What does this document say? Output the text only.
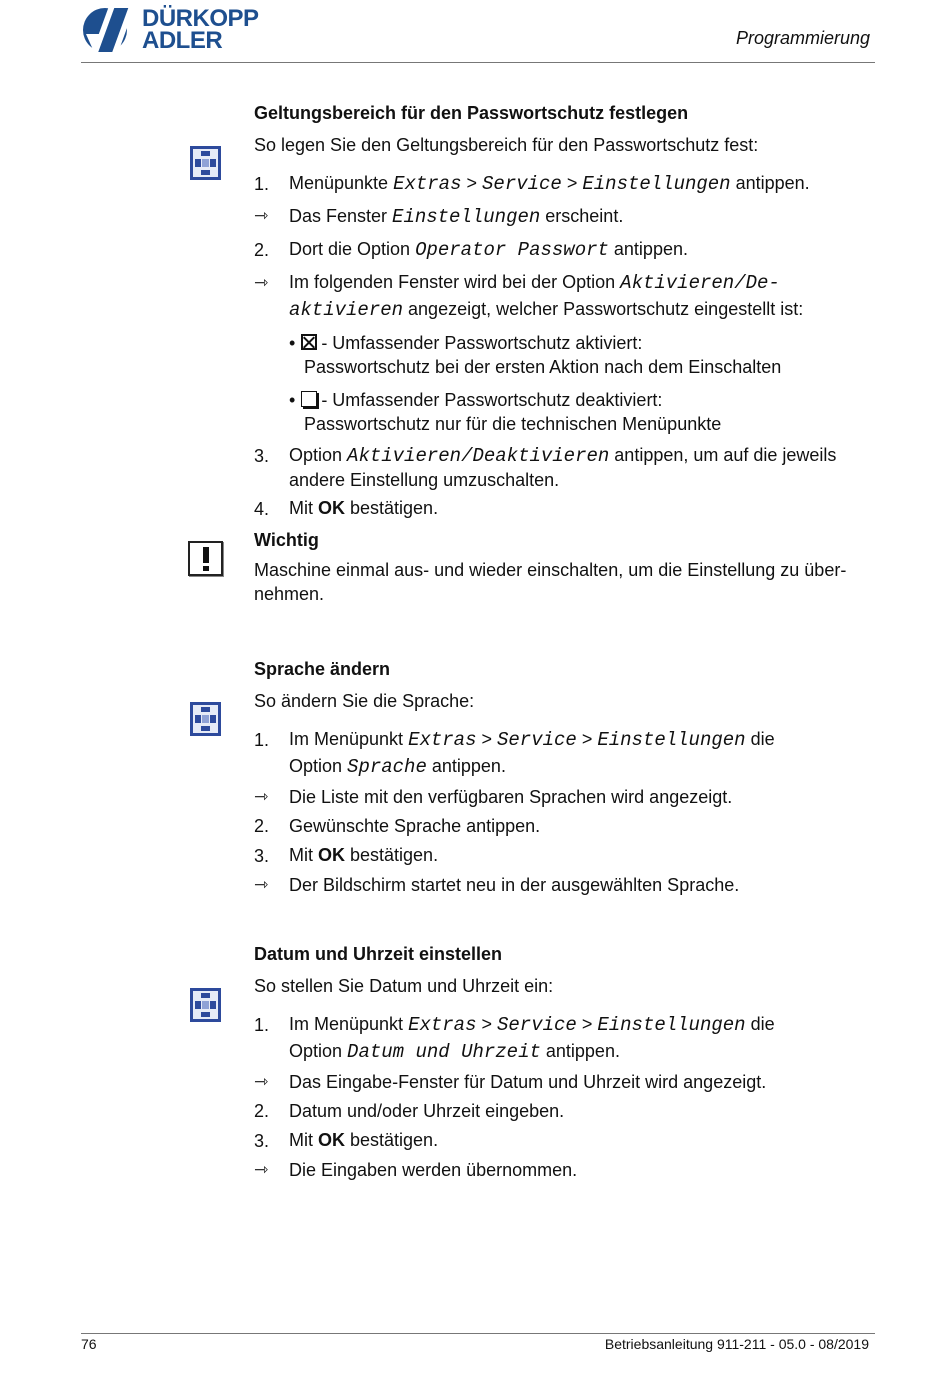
DÜRKOPP
ADLER	Programmierung
Geltungsbereich für den Passwortschutz festlegen
So legen Sie den Geltungsbereich für den Passwortschutz fest:
1. Menüpunkte Extras > Service > Einstellungen antippen.
⇾ Das Fenster Einstellungen erscheint.
2. Dort die Option Operator Passwort antippen.
⇾ Im folgenden Fenster wird bei der Option Aktivieren/De-
aktivieren angezeigt, welcher Passwortschutz eingestellt ist:
• - Umfassender Passwortschutz aktiviert:
Passwortschutz bei der ersten Aktion nach dem Einschalten
• - Umfassender Passwortschutz deaktiviert:
Passwortschutz nur für die technischen Menüpunkte
3. Option Aktivieren/Deaktivieren antippen, um auf die jeweils andere Einstellung umzuschalten.
4. Mit OK bestätigen.
Wichtig
Maschine einmal aus- und wieder einschalten, um die Einstellung zu über-nehmen.
Sprache ändern
So ändern Sie die Sprache:
1. Im Menüpunkt Extras > Service > Einstellungen die
Option Sprache antippen.
⇾ Die Liste mit den verfügbaren Sprachen wird angezeigt.
2. Gewünschte Sprache antippen.
3. Mit OK bestätigen.
⇾ Der Bildschirm startet neu in der ausgewählten Sprache.
Datum und Uhrzeit einstellen
So stellen Sie Datum und Uhrzeit ein:
1. Im Menüpunkt Extras > Service > Einstellungen die
Option Datum und Uhrzeit antippen.
⇾ Das Eingabe-Fenster für Datum und Uhrzeit wird angezeigt.
2. Datum und/oder Uhrzeit eingeben.
3. Mit OK bestätigen.
⇾ Die Eingaben werden übernommen.
76	Betriebsanleitung 911-211 - 05.0 - 08/2019
